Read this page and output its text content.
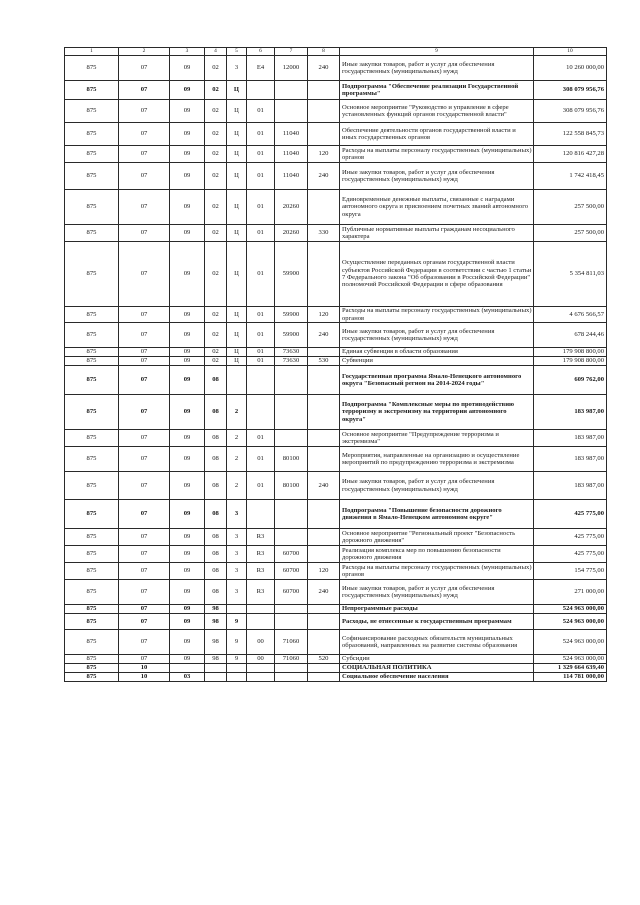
1	2	3	4	5	6	7	8	9	10
875	07	09	02	3	E4	12000	240	Иные закупки товаров, работ и услуг для обеспечения государственных (муниципальных) нужд	10 260 000,00
875	07	09	02	Ц				Подпрограмма "Обеспечение реализации Государственной программы"	308 079 956,76
875	07	09	02	Ц	01			Основное мероприятие "Руководство и управление в сфере установленных функций органов государственной власти"	308 079 956,76
875	07	09	02	Ц	01	11040		Обеспечение деятельности органов государственной власти и иных государственных органов	122 558 845,73
875	07	09	02	Ц	01	11040	120	Расходы на выплаты персоналу государственных (муниципальных) органов	120 816 427,28
875	07	09	02	Ц	01	11040	240	Иные закупки товаров, работ и услуг для обеспечения государственных (муниципальных) нужд	1 742 418,45
875	07	09	02	Ц	01	20260		Единовременные денежные выплаты, связанные с наградами автономного округа и присвоением почетных званий автономного округа	257 500,00
875	07	09	02	Ц	01	20260	330	Публичные нормативные выплаты гражданам несоциального характера	257 500,00
875	07	09	02	Ц	01	59900		Осуществление переданных органам государственной власти субъектов Российской Федерации в соответствии с частью 1 статьи 7 Федерального закона "Об образовании в Российской Федерации" полномочий Российской Федерации в сфере образования	5 354 811,03
875	07	09	02	Ц	01	59900	120	Расходы на выплаты персоналу государственных (муниципальных) органов	4 676 566,57
875	07	09	02	Ц	01	59900	240	Иные закупки товаров, работ и услуг для обеспечения государственных (муниципальных) нужд	678 244,46
875	07	09	02	Ц	01	73630		Единая субвенция в области образования	179 908 800,00
875	07	09	02	Ц	01	73630	530	Субвенции	179 908 800,00
875	07	09	08					Государственная программа Ямало-Ненецкого автономного округа "Безопасный регион на 2014-2024 годы"	609 762,00
875	07	09	08	2				Подпрограмма "Комплексные меры по противодействию терроризму и экстремизму на территории автономного округа"	183 987,00
875	07	09	08	2	01			Основное мероприятие "Предупреждение терроризма и экстремизма"	183 987,00
875	07	09	08	2	01	80100		Мероприятия, направленные на организацию и осуществление мероприятий по предупреждению терроризма и экстремизма	183 987,00
875	07	09	08	2	01	80100	240	Иные закупки товаров, работ и услуг для обеспечения государственных (муниципальных) нужд	183 987,00
875	07	09	08	3				Подпрограмма "Повышение безопасности дорожного движения в Ямало-Ненецком автономном округе"	425 775,00
875	07	09	08	3	R3			Основное мероприятие "Региональный проект "Безопасность дорожного движения"	425 775,00
875	07	09	08	3	R3	60700		Реализация комплекса мер по повышению безопасности дорожного движения	425 775,00
875	07	09	08	3	R3	60700	120	Расходы на выплаты персоналу государственных (муниципальных) органов	154 775,00
875	07	09	08	3	R3	60700	240	Иные закупки товаров, работ и услуг для обеспечения государственных (муниципальных) нужд	271 000,00
875	07	09	98					Непрограммные расходы	524 963 000,00
875	07	09	98	9				Расходы, не отнесенные к государственным программам	524 963 000,00
875	07	09	98	9	00	71060		Софинансирование расходных обязательств муниципальных образований, направленных на развитие системы образования	524 963 000,00
875	07	09	98	9	00	71060	520	Субсидии	524 963 000,00
875	10							СОЦИАЛЬНАЯ ПОЛИТИКА	1 329 664 639,40
875	10	03						Социальное обеспечение населения	114 781 000,00
